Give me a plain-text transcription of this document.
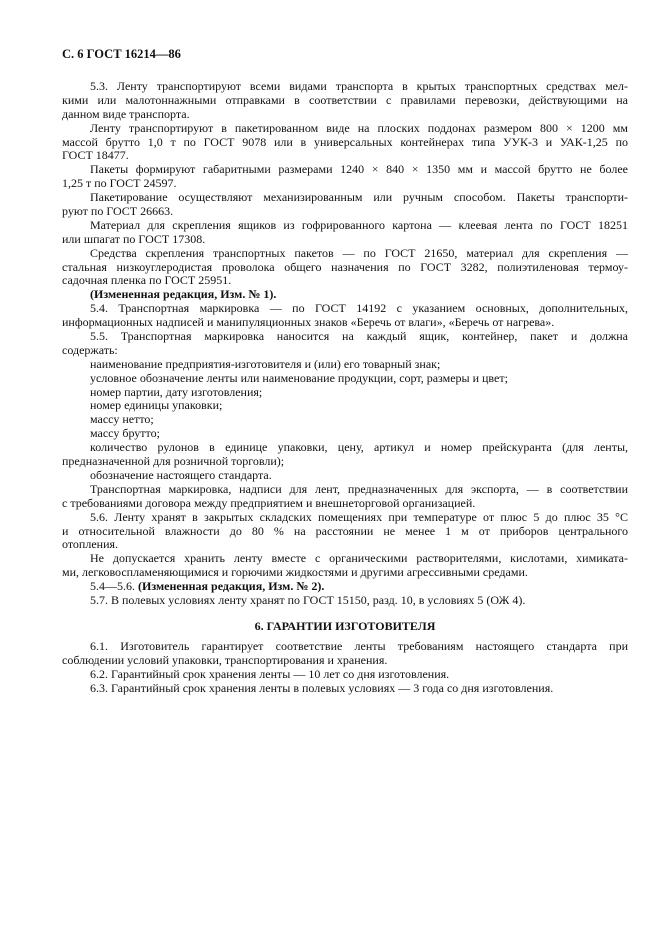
С. 6 ГОСТ 16214—86
5.3. Ленту транспортируют всеми видами транспорта в крытых транспортных средствах мел-
кими или малотоннажными отправками в соответствии с правилами перевозки, действующими на
данном виде транспорта.
Ленту транспортируют в пакетированном виде на плоских поддонах размером 800 × 1200 мм
массой брутто 1,0 т по ГОСТ 9078 или в универсальных контейнерах типа УУК-3 и УАК-1,25 по
ГОСТ 18477.
Пакеты формируют габаритными размерами 1240 × 840 × 1350 мм и массой брутто не более
1,25 т по ГОСТ 24597.
Пакетирование осуществляют механизированным или ручным способом. Пакеты транспорти-
руют по ГОСТ 26663.
Материал для скрепления ящиков из гофрированного картона — клеевая лента по ГОСТ 18251
или шпагат по ГОСТ 17308.
Средства скрепления транспортных пакетов — по ГОСТ 21650, материал для скрепления —
стальная низкоуглеродистая проволока общего назначения по ГОСТ 3282, полиэтиленовая термоу-
садочная пленка по ГОСТ 25951.
(Измененная редакция, Изм. № 1).
5.4. Транспортная маркировка — по ГОСТ 14192 с указанием основных, дополнительных,
информационных надписей и манипуляционных знаков «Беречь от влаги», «Беречь от нагрева».
5.5. Транспортная маркировка наносится на каждый ящик, контейнер, пакет и должна
содержать:
наименование предприятия-изготовителя и (или) его товарный знак;
условное обозначение ленты или наименование продукции, сорт, размеры и цвет;
номер партии, дату изготовления;
номер единицы упаковки;
массу нетто;
массу брутто;
количество рулонов в единице упаковки, цену, артикул и номер прейскуранта (для ленты,
предназначенной для розничной торговли);
обозначение настоящего стандарта.
Транспортная маркировка, надписи для лент, предназначенных для экспорта, — в соответствии
с требованиями договора между предприятием и внешнеторговой организацией.
5.6. Ленту хранят в закрытых складских помещениях при температуре от плюс 5 до плюс 35 °С
и относительной влажности до 80 % на расстоянии не менее 1 м от приборов центрального
отопления.
Не допускается хранить ленту вместе с органическими растворителями, кислотами, химиката-
ми, легковоспламеняющимися и горючими жидкостями и другими агрессивными средами.
5.4—5.6. (Измененная редакция, Изм. № 2).
5.7. В полевых условиях ленту хранят по ГОСТ 15150, разд. 10, в условиях 5 (ОЖ 4).
6. ГАРАНТИИ ИЗГОТОВИТЕЛЯ
6.1. Изготовитель гарантирует соответствие ленты требованиям настоящего стандарта при
соблюдении условий упаковки, транспортирования и хранения.
6.2. Гарантийный срок хранения ленты — 10 лет со дня изготовления.
6.3. Гарантийный срок хранения ленты в полевых условиях — 3 года со дня изготовления.
